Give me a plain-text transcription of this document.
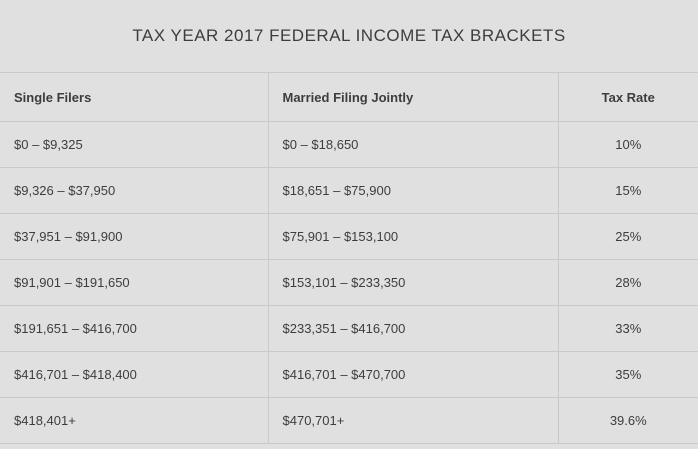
TAX YEAR 2017 FEDERAL INCOME TAX BRACKETS
Single Filers	Married Filing Jointly	Tax Rate
$0 – $9,325	$0 – $18,650	10%
$9,326 – $37,950	$18,651 – $75,900	15%
$37,951 – $91,900	$75,901 – $153,100	25%
$91,901 – $191,650	$153,101 – $233,350	28%
$191,651 – $416,700	$233,351 – $416,700	33%
$416,701 – $418,400	$416,701 – $470,700	35%
$418,401+	$470,701+	39.6%
